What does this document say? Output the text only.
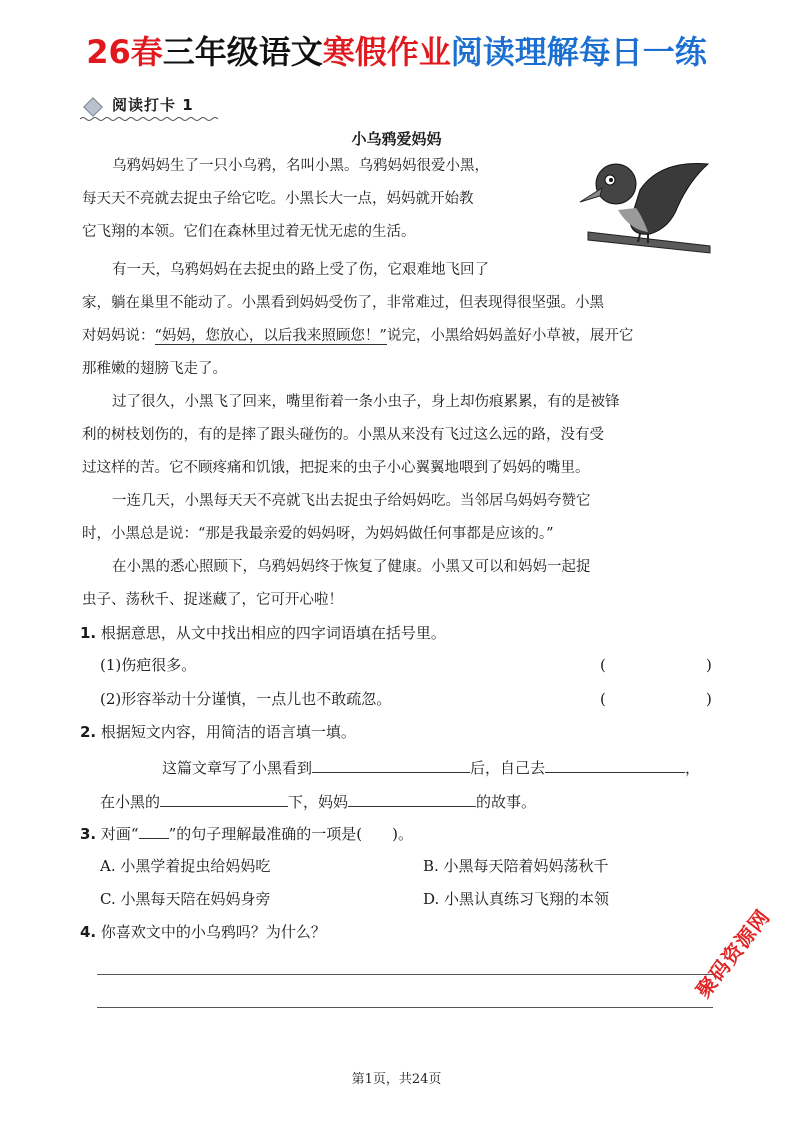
26春三年级语文寒假作业阅读理解每日一练
阅读打卡 1
小乌鸦爱妈妈
乌鸦妈妈生了一只小乌鸦，名叫小黑。乌鸦妈妈很爱小黑，
每天天不亮就去捉虫子给它吃。小黑长大一点，妈妈就开始教
它飞翔的本领。它们在森林里过着无忧无虑的生活。
有一天，乌鸦妈妈在去捉虫的路上受了伤，它艰难地飞回了
家，躺在巢里不能动了。小黑看到妈妈受伤了，非常难过，但表现得很坚强。小黑
对妈妈说：“妈妈，您放心，以后我来照顾您！”说完，小黑给妈妈盖好小草被，展开它
那稚嫩的翅膀飞走了。
过了很久，小黑飞了回来，嘴里衔着一条小虫子，身上却伤痕累累，有的是被锋
利的树枝划伤的，有的是摔了跟头碰伤的。小黑从来没有飞过这么远的路，没有受
过这样的苦。它不顾疼痛和饥饿，把捉来的虫子小心翼翼地喂到了妈妈的嘴里。
一连几天，小黑每天天不亮就飞出去捉虫子给妈妈吃。当邻居乌妈妈夸赞它
时，小黑总是说：“那是我最亲爱的妈妈呀，为妈妈做任何事都是应该的。”
在小黑的悉心照顾下，乌鸦妈妈终于恢复了健康。小黑又可以和妈妈一起捉
虫子、荡秋千、捉迷藏了，它可开心啦！
1. 根据意思，从文中找出相应的四字词语填在括号里。
(1)伤疤很多。	(	)
(2)形容举动十分谨慎，一点儿也不敢疏忽。	(	)
2. 根据短文内容，用简洁的语言填一填。
这篇文章写了小黑看到	后，自己去	，
在小黑的	下，妈妈	的故事。
3. 对画“ ”的句子理解最准确的一项是(　　)。
A. 小黑学着捉虫给妈妈吃	B. 小黑每天陪着妈妈荡秋千
C. 小黑每天陪在妈妈身旁	D. 小黑认真练习飞翔的本领
4. 你喜欢文中的小乌鸦吗？为什么？	聚码资源网
第1页，共24页
